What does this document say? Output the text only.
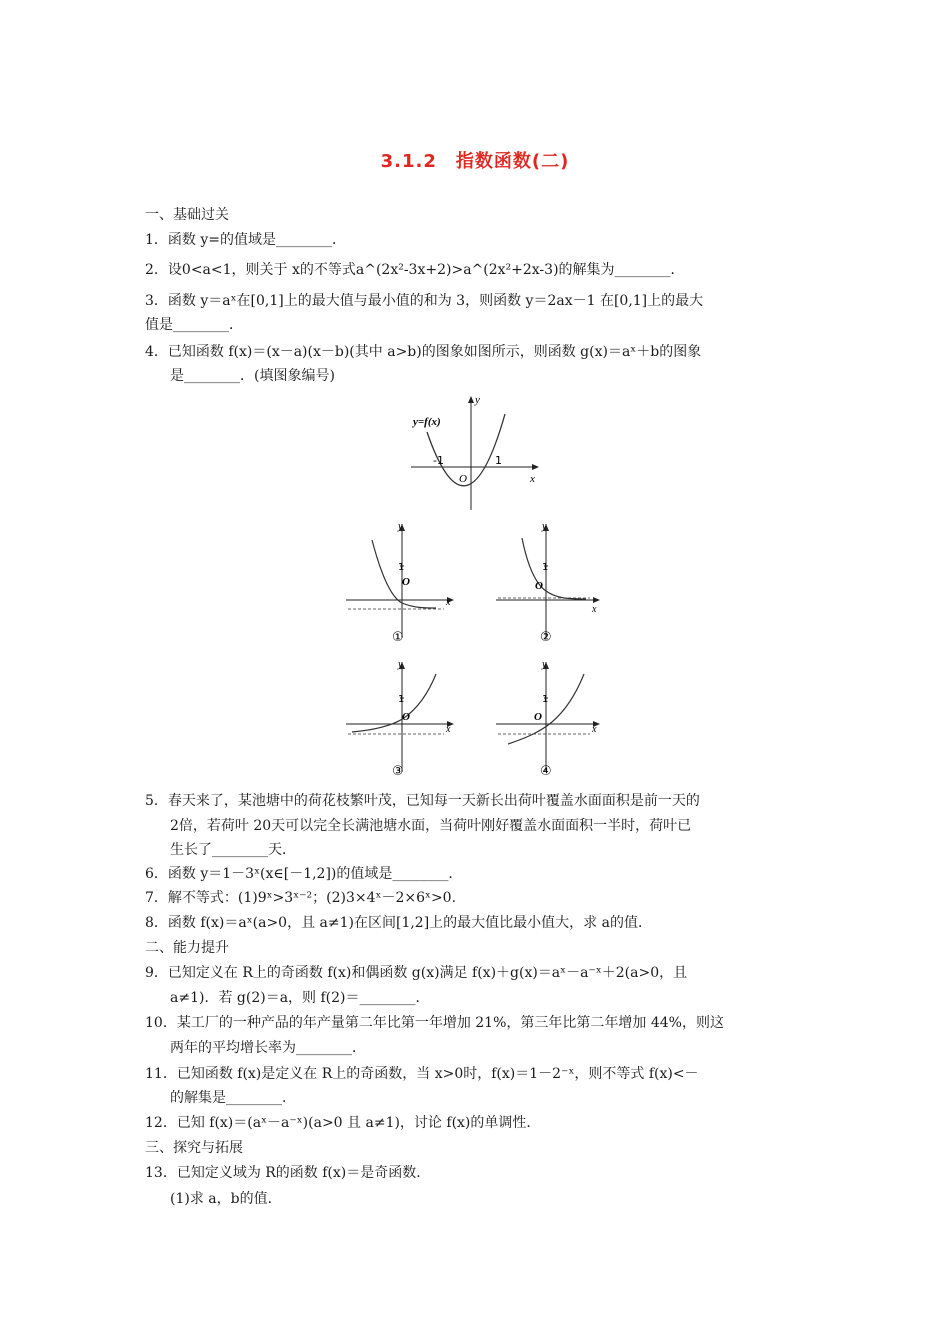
3.1.2　指数函数(二)
一、基础过关
1．函数 y=的值域是________．
2．设0<a<1，则关于 x的不等式a^(2x²-3x+2)>a^(2x²+2x-3)的解集为________．
3．函数 y＝aˣ在[0,1]上的最大值与最小值的和为 3，则函数 y＝2ax－1 在[0,1]上的最大
值是________．
4．已知函数 f(x)＝(x－a)(x－b)(其中 a>b)的图象如图所示，则函数 g(x)＝aˣ＋b的图象
是________．(填图象编号)
x
y
O
-1	1
y=f(x)
x
y
O
1
①
x
y
O
1
②
x
y
O
1
③
x
y
O
1
④
5．春天来了，某池塘中的荷花枝繁叶茂，已知每一天新长出荷叶覆盖水面面积是前一天的
2倍，若荷叶 20天可以完全长满池塘水面，当荷叶刚好覆盖水面面积一半时，荷叶已
生长了________天．
6．函数 y＝1－3ˣ(x∈[－1,2])的值域是________．
7．解不等式：(1)9ˣ>3ˣ⁻²；(2)3×4ˣ－2×6ˣ>0.
8．函数 f(x)＝aˣ(a>0，且 a≠1)在区间[1,2]上的最大值比最小值大，求 a的值．
二、能力提升
9．已知定义在 R上的奇函数 f(x)和偶函数 g(x)满足 f(x)＋g(x)＝aˣ－a⁻ˣ＋2(a>0，且
a≠1)．若 g(2)＝a，则 f(2)＝________．
10．某工厂的一种产品的年产量第二年比第一年增加 21%，第三年比第二年增加 44%，则这
两年的平均增长率为________．
11．已知函数 f(x)是定义在 R上的奇函数，当 x>0时，f(x)＝1－2⁻ˣ，则不等式 f(x)<－
的解集是________．
12．已知 f(x)＝(aˣ－a⁻ˣ)(a>0 且 a≠1)，讨论 f(x)的单调性．
三、探究与拓展
13．已知定义域为 R的函数 f(x)＝是奇函数．
(1)求 a，b的值．
